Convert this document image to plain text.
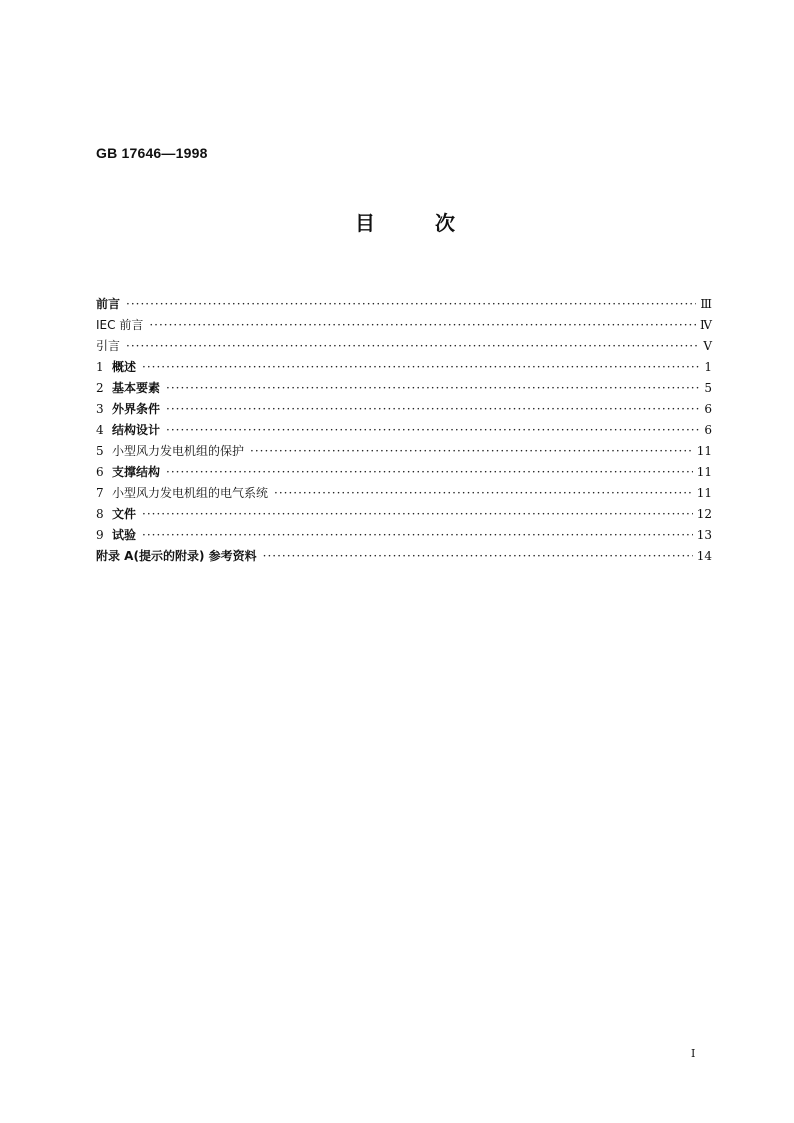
GB 17646—1998
目	次
前言 ·····	Ⅲ
IEC 前言 ·····	Ⅳ
引言 ·····	Ⅴ
1 概述 ·····	1
2 基本要素 ·····	5
3 外界条件 ·····	6
4 结构设计 ·····	6
5 小型风力发电机组的保护 ·····	11
6 支撑结构 ·····	11
7 小型风力发电机组的电气系统 ·····	11
8 文件 ·····	12
9 试验 ·····	13
附录 A(提示的附录) 参考资料 ·····	14
Ⅰ
